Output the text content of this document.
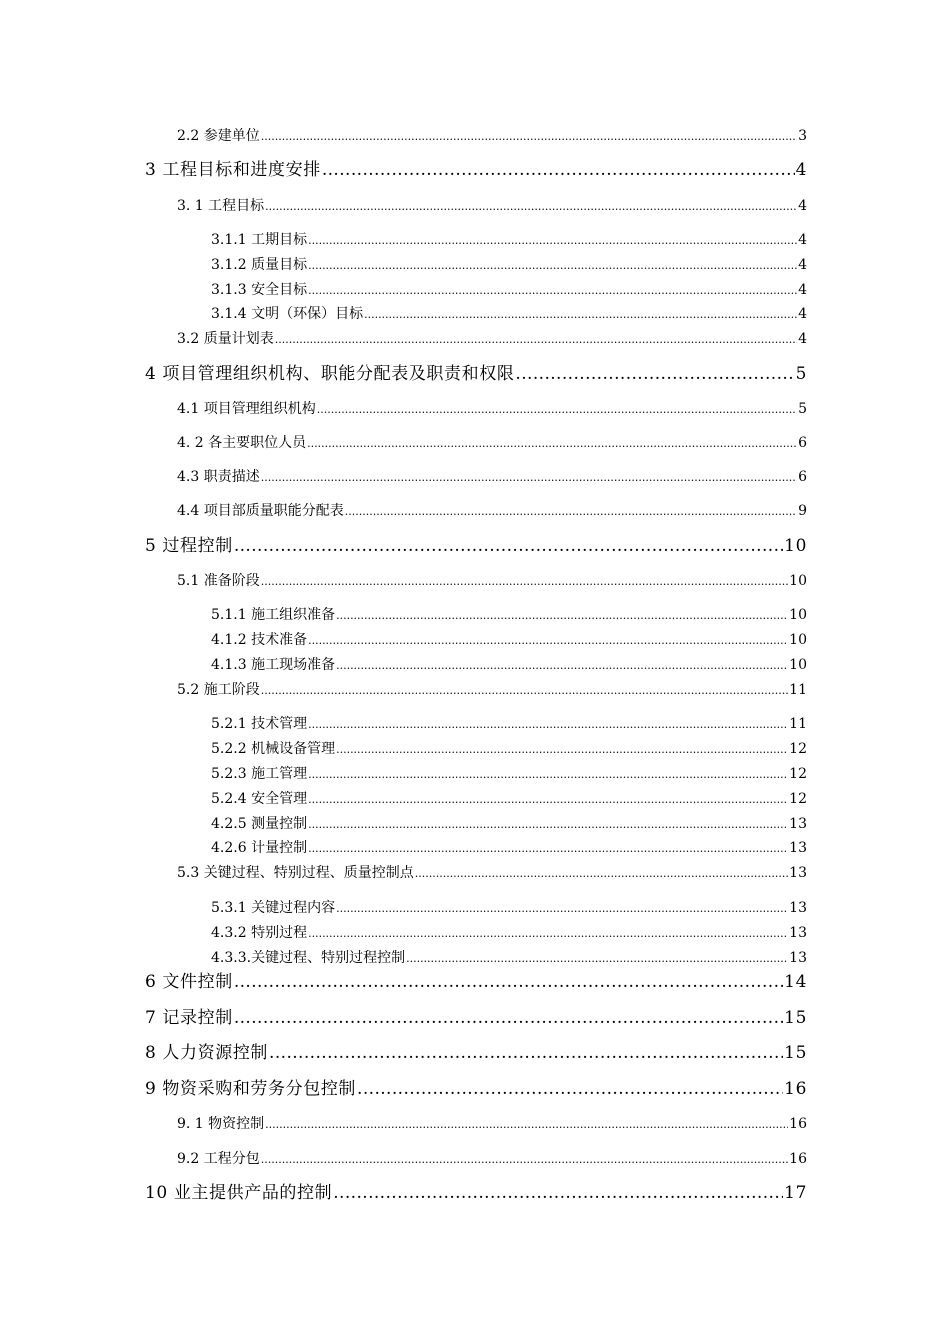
2.2 参建单位 .....	3
3 工程目标和进度安排 .....	4
3. 1 工程目标 .....	4
3.1.1 工期目标 .....	4
3.1.2 质量目标 .....	4
3.1.3 安全目标 .....	4
3.1.4 文明（环保）目标 .....	4
3.2 质量计划表 .....	4
4 项目管理组织机构、职能分配表及职责和权限 .....	5
4.1 项目管理组织机构 .....	5
4. 2 各主要职位人员 .....	6
4.3 职责描述 .....	6
4.4 项目部质量职能分配表 .....	9
5 过程控制 .....	10
5.1 准备阶段 .....	10
5.1.1 施工组织准备 .....	10
4.1.2 技术准备 .....	10
4.1.3 施工现场准备 .....	10
5.2 施工阶段 .....	11
5.2.1 技术管理 .....	11
5.2.2 机械设备管理 .....	12
5.2.3 施工管理 .....	12
5.2.4 安全管理 .....	12
4.2.5 测量控制 .....	13
4.2.6 计量控制 .....	13
5.3 关键过程、特别过程、质量控制点 .....	13
5.3.1 关键过程内容 .....	13
4.3.2 特别过程 .....	13
4.3.3.关键过程、特别过程控制 .....	13
6 文件控制 .....	14
7 记录控制 .....	15
8 人力资源控制 .....	15
9 物资采购和劳务分包控制 .....	16
9. 1 物资控制 .....	16
9.2 工程分包 .....	16
10 业主提供产品的控制 .....	17
